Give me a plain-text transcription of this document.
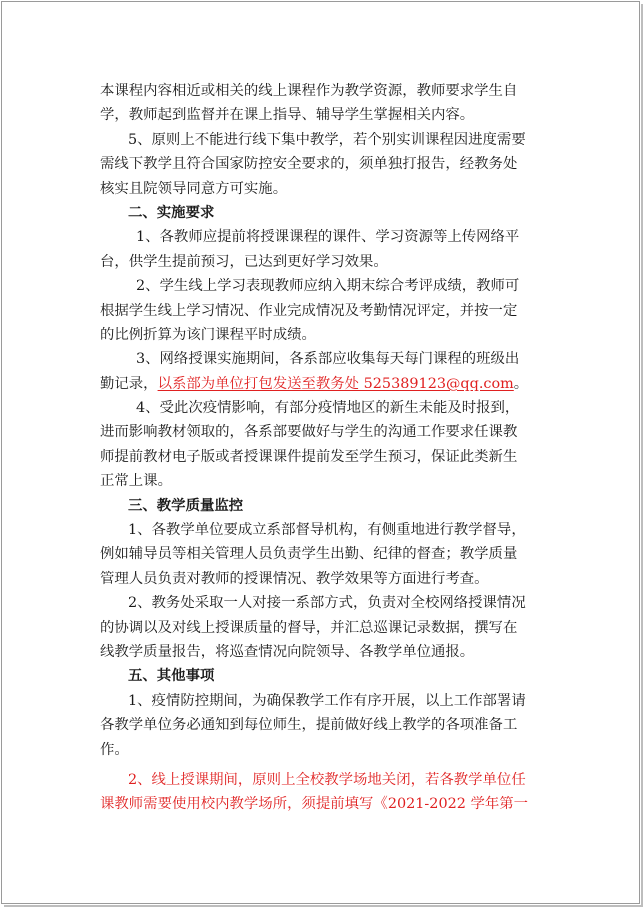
本课程内容相近或相关的线上课程作为教学资源，教师要求学生自
学，教师起到监督并在课上指导、辅导学生掌握相关内容。
5、原则上不能进行线下集中教学，若个别实训课程因进度需要
需线下教学且符合国家防控安全要求的，须单独打报告，经教务处
核实且院领导同意方可实施。
二、实施要求
1、各教师应提前将授课课程的课件、学习资源等上传网络平
台，供学生提前预习，已达到更好学习效果。
2、学生线上学习表现教师应纳入期末综合考评成绩，教师可
根据学生线上学习情况、作业完成情况及考勤情况评定，并按一定
的比例折算为该门课程平时成绩。
3、网络授课实施期间，各系部应收集每天每门课程的班级出
勤记录，以系部为单位打包发送至教务处 525389123@qq.com。
4、受此次疫情影响，有部分疫情地区的新生未能及时报到，
进而影响教材领取的，各系部要做好与学生的沟通工作要求任课教
师提前教材电子版或者授课课件提前发至学生预习，保证此类新生
正常上课。
三、教学质量监控
1、各教学单位要成立系部督导机构，有侧重地进行教学督导，
例如辅导员等相关管理人员负责学生出勤、纪律的督查；教学质量
管理人员负责对教师的授课情况、教学效果等方面进行考查。
2、教务处采取一人对接一系部方式，负责对全校网络授课情况
的协调以及对线上授课质量的督导，并汇总巡课记录数据，撰写在
线教学质量报告，将巡查情况向院领导、各教学单位通报。
五、其他事项
1、疫情防控期间，为确保教学工作有序开展，以上工作部署请
各教学单位务必通知到每位师生，提前做好线上教学的各项准备工
作。
2、线上授课期间，原则上全校教学场地关闭，若各教学单位任
课教师需要使用校内教学场所，须提前填写《2021-2022 学年第一
